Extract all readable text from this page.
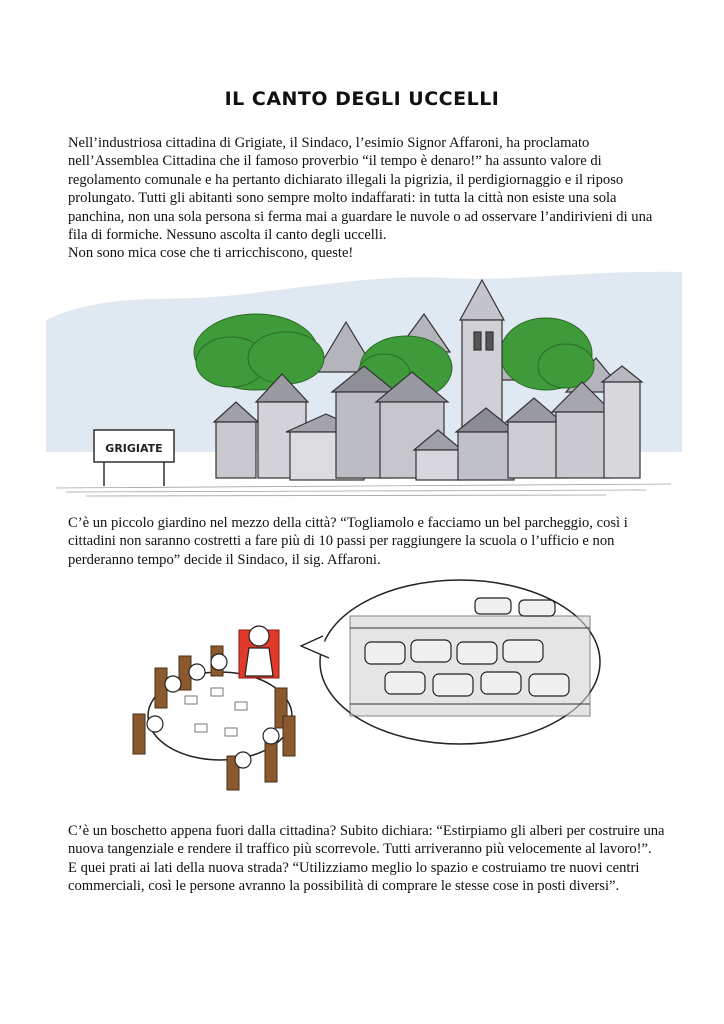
IL CANTO DEGLI UCCELLI

Nell’industriosa cittadina di Grigiate, il Sindaco, l’esimio Signor Affaroni, ha proclamato nell’Assemblea Cittadina che il famoso proverbio “il tempo è denaro!” ha assunto valore di regolamento comunale e ha pertanto dichiarato illegali la pigrizia, il perdigiornaggio e il riposo prolungato. Tutti gli abitanti sono sempre molto indaffarati: in tutta la città non esiste una sola panchina, non una sola persona si ferma mai a guardare le nuvole o ad osservare l’andirivieni di una fila di formiche. Nessuno ascolta il canto degli uccelli.

Non sono mica cose che ti arricchiscono, queste!

GRIGIATE

C’è un piccolo giardino nel mezzo della città? “Togliamolo e facciamo un bel parcheggio, così i cittadini non saranno costretti a fare più di 10 passi per raggiungere la scuola o l’ufficio e non perderanno tempo” decide il Sindaco, il sig. Affaroni.

C’è un boschetto appena fuori dalla cittadina? Subito dichiara: “Estirpiamo gli alberi per costruire una nuova tangenziale e rendere il traffico più scorrevole. Tutti arriveranno più velocemente al lavoro!”.

E quei prati ai lati della nuova strada? “Utilizziamo meglio lo spazio e costruiamo tre nuovi centri commerciali, così le persone avranno la possibilità di comprare le stesse cose in posti diversi”.
